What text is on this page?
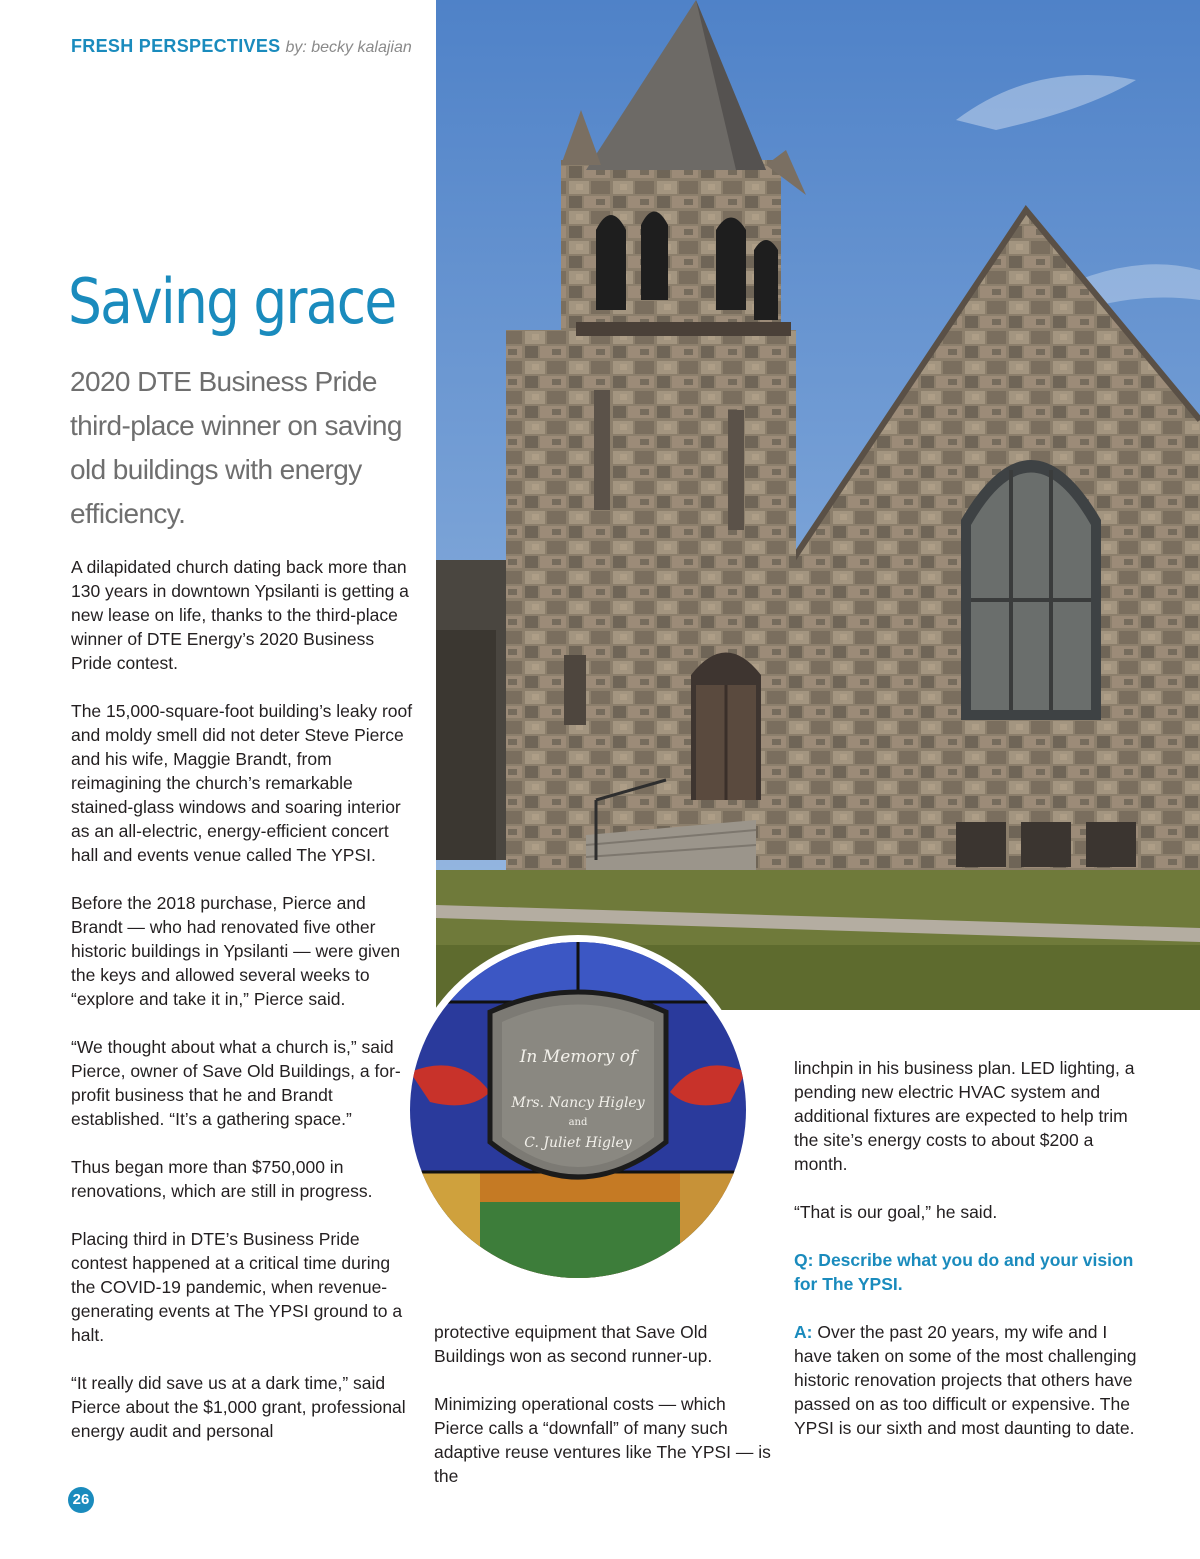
FRESH PERSPECTIVES by: becky kalajian
Saving grace
2020 DTE Business Pride third-place winner on saving old buildings with energy efficiency.

A dilapidated church dating back more than 130 years in downtown Ypsilanti is getting a new lease on life, thanks to the third-place winner of DTE Energy’s 2020 Business Pride contest.

The 15,000-square-foot building’s leaky roof and moldy smell did not deter Steve Pierce and his wife, Maggie Brandt, from reimagining the church’s remarkable stained-glass windows and soaring interior as an all-electric, energy-efficient concert hall and events venue called The YPSI.

Before the 2018 purchase, Pierce and Brandt — who had renovated five other historic buildings in Ypsilanti — were given the keys and allowed several weeks to “explore and take it in,” Pierce said.

“We thought about what a church is,” said Pierce, owner of Save Old Buildings, a for-profit business that he and Brandt established. “It’s a gathering space.”

Thus began more than $750,000 in renovations, which are still in progress.

Placing third in DTE’s Business Pride contest happened at a critical time during the COVID-19 pandemic, when revenue-generating events at The YPSI ground to a halt.

“It really did save us at a dark time,” said Pierce about the $1,000 grant, professional energy audit and personal

protective equipment that Save Old Buildings won as second runner-up.

Minimizing operational costs — which Pierce calls a “downfall” of many such adaptive reuse ventures like The YPSI — is the

linchpin in his business plan. LED lighting, a pending new electric HVAC system and additional fixtures are expected to help trim the site’s energy costs to about $200 a month.

“That is our goal,” he said.

Q: Describe what you do and your vision for The YPSI.

A: Over the past 20 years, my wife and I have taken on some of the most challenging historic renovation projects that others have passed on as too difficult or expensive. The YPSI is our sixth and most daunting to date.

In Memory of
Mrs. Nancy Higley
and
C. Juliet Higley
26
